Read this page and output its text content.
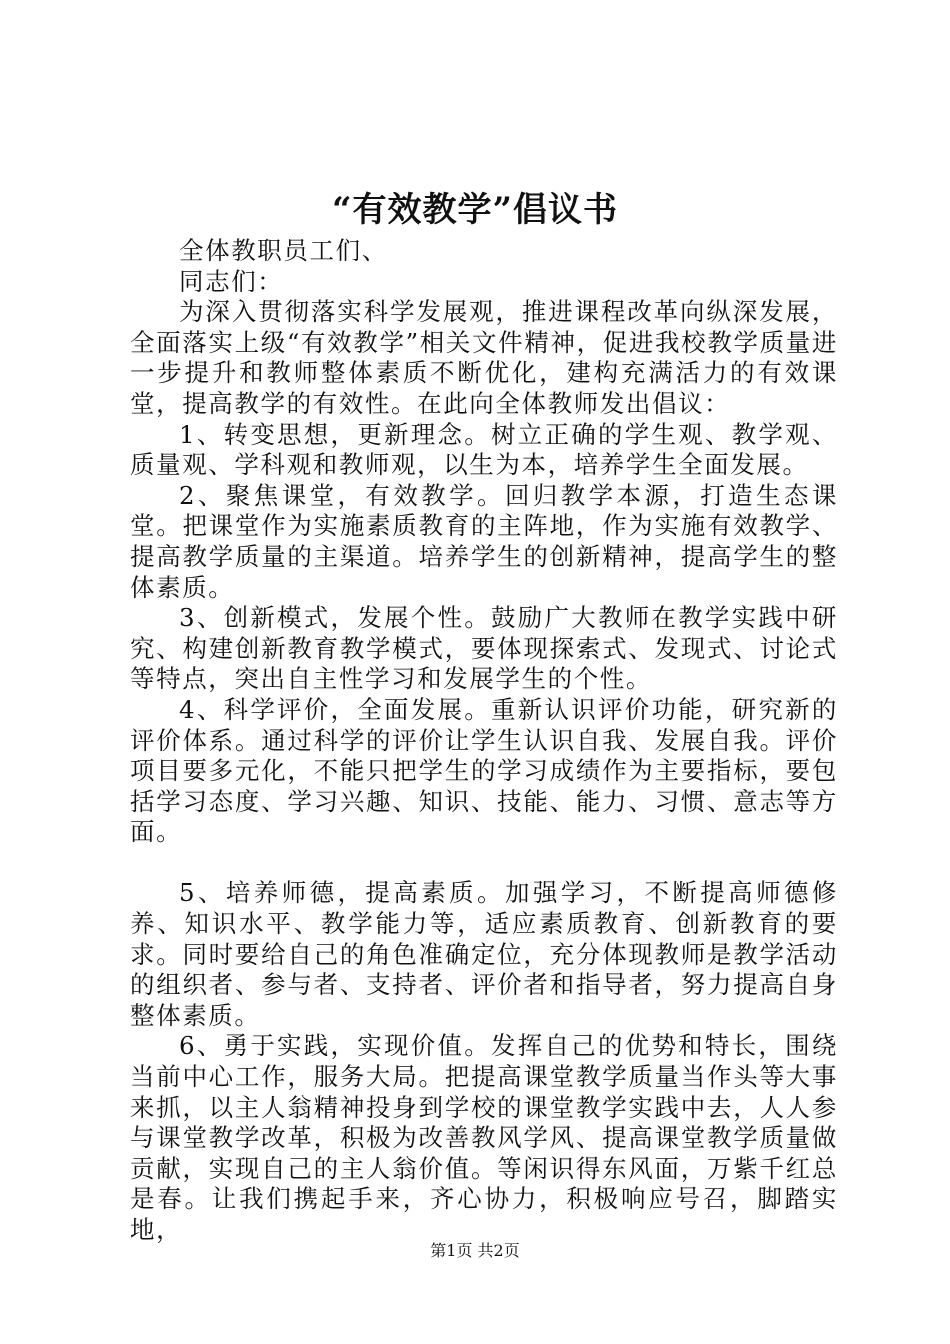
“有效教学”倡议书

全体教职员工们、

同志们：

为深入贯彻落实科学发展观，推进课程改革向纵深发展，全面落实上级“有效教学”相关文件精神，促进我校教学质量进一步提升和教师整体素质不断优化，建构充满活力的有效课堂，提高教学的有效性。在此向全体教师发出倡议：

1、转变思想，更新理念。树立正确的学生观、教学观、质量观、学科观和教师观，以生为本，培养学生全面发展。

2、聚焦课堂，有效教学。回归教学本源，打造生态课堂。把课堂作为实施素质教育的主阵地，作为实施有效教学、提高教学质量的主渠道。培养学生的创新精神，提高学生的整体素质。

3、创新模式，发展个性。鼓励广大教师在教学实践中研究、构建创新教育教学模式，要体现探索式、发现式、讨论式等特点，突出自主性学习和发展学生的个性。

4、科学评价，全面发展。重新认识评价功能，研究新的评价体系。通过科学的评价让学生认识自我、发展自我。评价项目要多元化，不能只把学生的学习成绩作为主要指标，要包括学习态度、学习兴趣、知识、技能、能力、习惯、意志等方面。

5、培养师德，提高素质。加强学习，不断提高师德修养、知识水平、教学能力等，适应素质教育、创新教育的要求。同时要给自己的角色准确定位，充分体现教师是教学活动的组织者、参与者、支持者、评价者和指导者，努力提高自身整体素质。

6、勇于实践，实现价值。发挥自己的优势和特长，围绕当前中心工作，服务大局。把提高课堂教学质量当作头等大事来抓，以主人翁精神投身到学校的课堂教学实践中去，人人参与课堂教学改革，积极为改善教风学风、提高课堂教学质量做贡献，实现自己的主人翁价值。等闲识得东风面，万紫千红总是春。让我们携起手来，齐心协力，积极响应号召，脚踏实地，

第1页 共2页
